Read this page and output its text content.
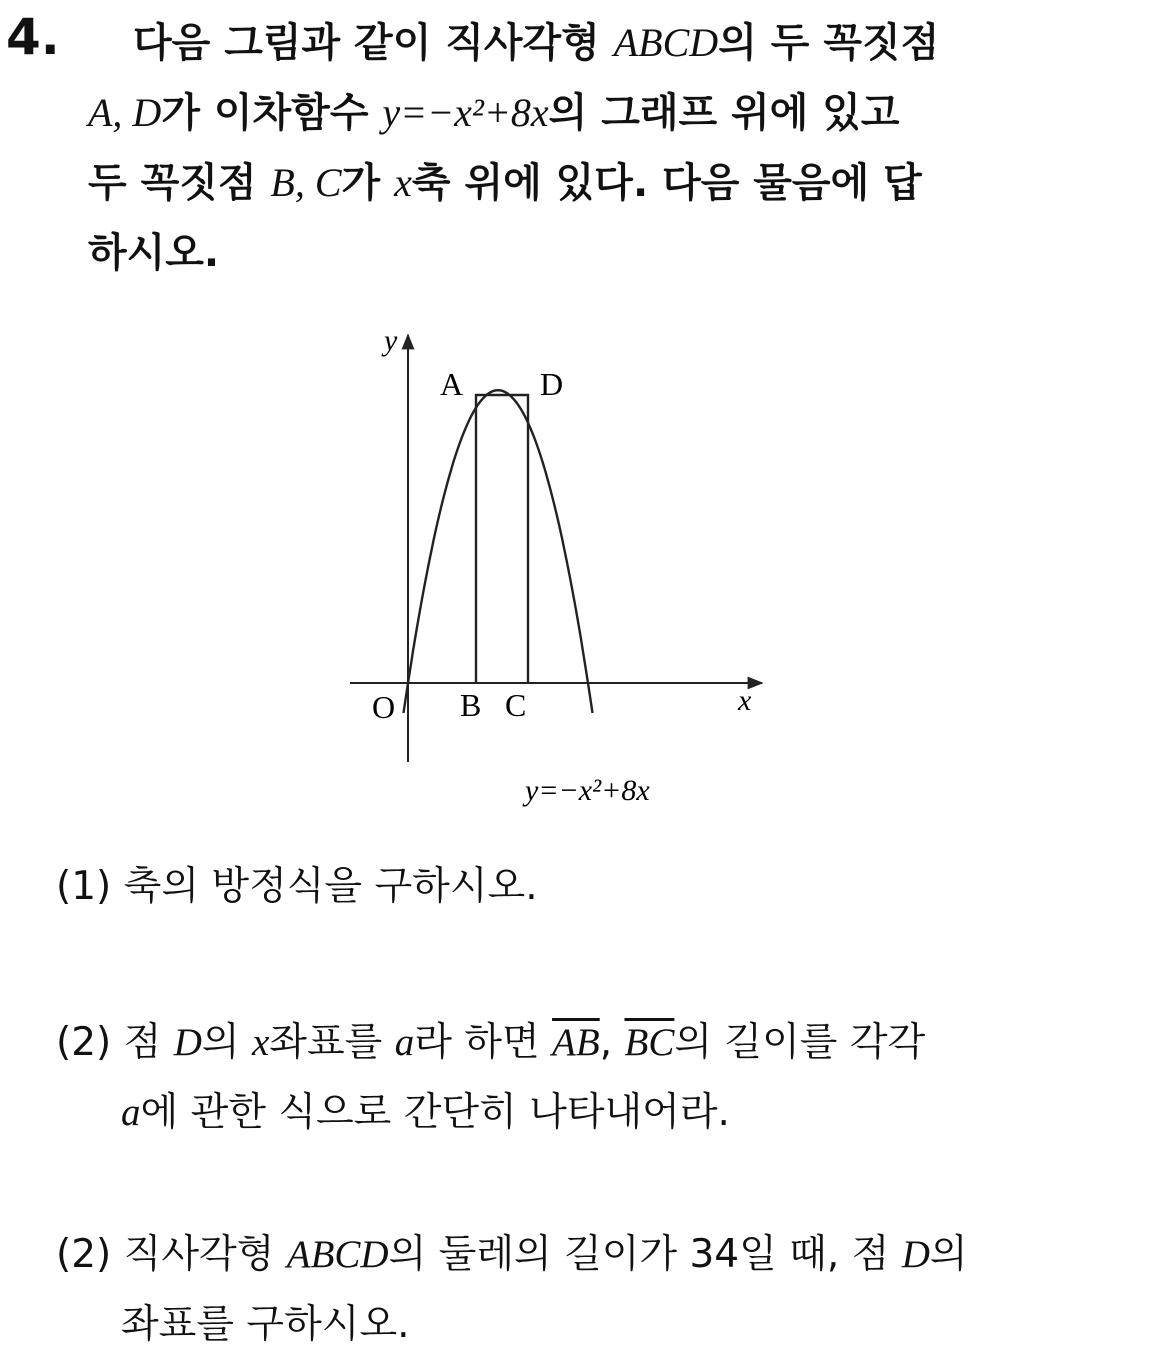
4.	다음 그림과 같이 직사각형 ABCD의 두 꼭짓점
A, D가 이차함수 y=−x²+8x의 그래프 위에 있고
두 꼭짓점 B, C가 x축 위에 있다. 다음 물음에 답
하시오.
y
x
O
A D
B C
y=−x²+8x
(1) 축의 방정식을 구하시오.
(2) 점 D의 x좌표를 a라 하면 $\overline{AB}$, $\overline{BC}$의 길이를 각각
a에 관한 식으로 간단히 나타내어라.
(2) 직사각형 ABCD의 둘레의 길이가 34일 때, 점 D의
좌표를 구하시오.
